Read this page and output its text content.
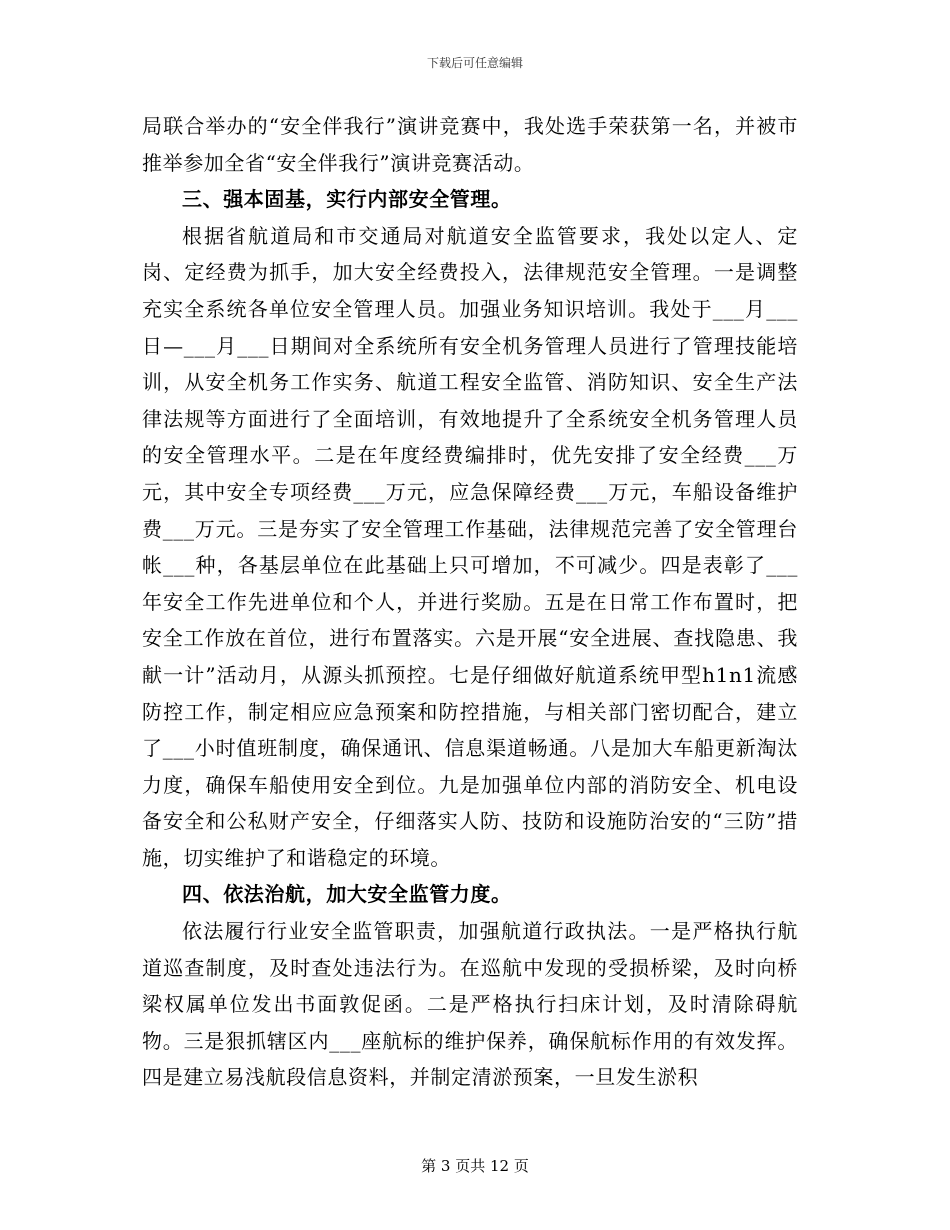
下载后可任意编辑

局联合举办的“安全伴我行”演讲竞赛中，我处选手荣获第一名，并被市推举参加全省“安全伴我行”演讲竞赛活动。

三、强本固基，实行内部安全管理。

根据省航道局和市交通局对航道安全监管要求，我处以定人、定岗、定经费为抓手，加大安全经费投入，法律规范安全管理。一是调整充实全系统各单位安全管理人员。加强业务知识培训。我处于___月___日—___月___日期间对全系统所有安全机务管理人员进行了管理技能培训，从安全机务工作实务、航道工程安全监管、消防知识、安全生产法律法规等方面进行了全面培训，有效地提升了全系统安全机务管理人员的安全管理水平。二是在年度经费编排时，优先安排了安全经费___万元，其中安全专项经费___万元，应急保障经费___万元，车船设备维护费___万元。三是夯实了安全管理工作基础，法律规范完善了安全管理台帐___种，各基层单位在此基础上只可增加，不可减少。四是表彰了___年安全工作先进单位和个人，并进行奖励。五是在日常工作布置时，把安全工作放在首位，进行布置落实。六是开展“安全进展、查找隐患、我献一计”活动月，从源头抓预控。七是仔细做好航道系统甲型h1n1流感防控工作，制定相应应急预案和防控措施，与相关部门密切配合，建立了___小时值班制度，确保通讯、信息渠道畅通。八是加大车船更新淘汰力度，确保车船使用安全到位。九是加强单位内部的消防安全、机电设备安全和公私财产安全，仔细落实人防、技防和设施防治安的“三防”措施，切实维护了和谐稳定的环境。

四、依法治航，加大安全监管力度。

依法履行行业安全监管职责，加强航道行政执法。一是严格执行航道巡查制度，及时查处违法行为。在巡航中发现的受损桥梁，及时向桥梁权属单位发出书面敦促函。二是严格执行扫床计划，及时清除碍航物。三是狠抓辖区内___座航标的维护保养，确保航标作用的有效发挥。四是建立易浅航段信息资料，并制定清淤预案，一旦发生淤积

第 3 页共 12 页
